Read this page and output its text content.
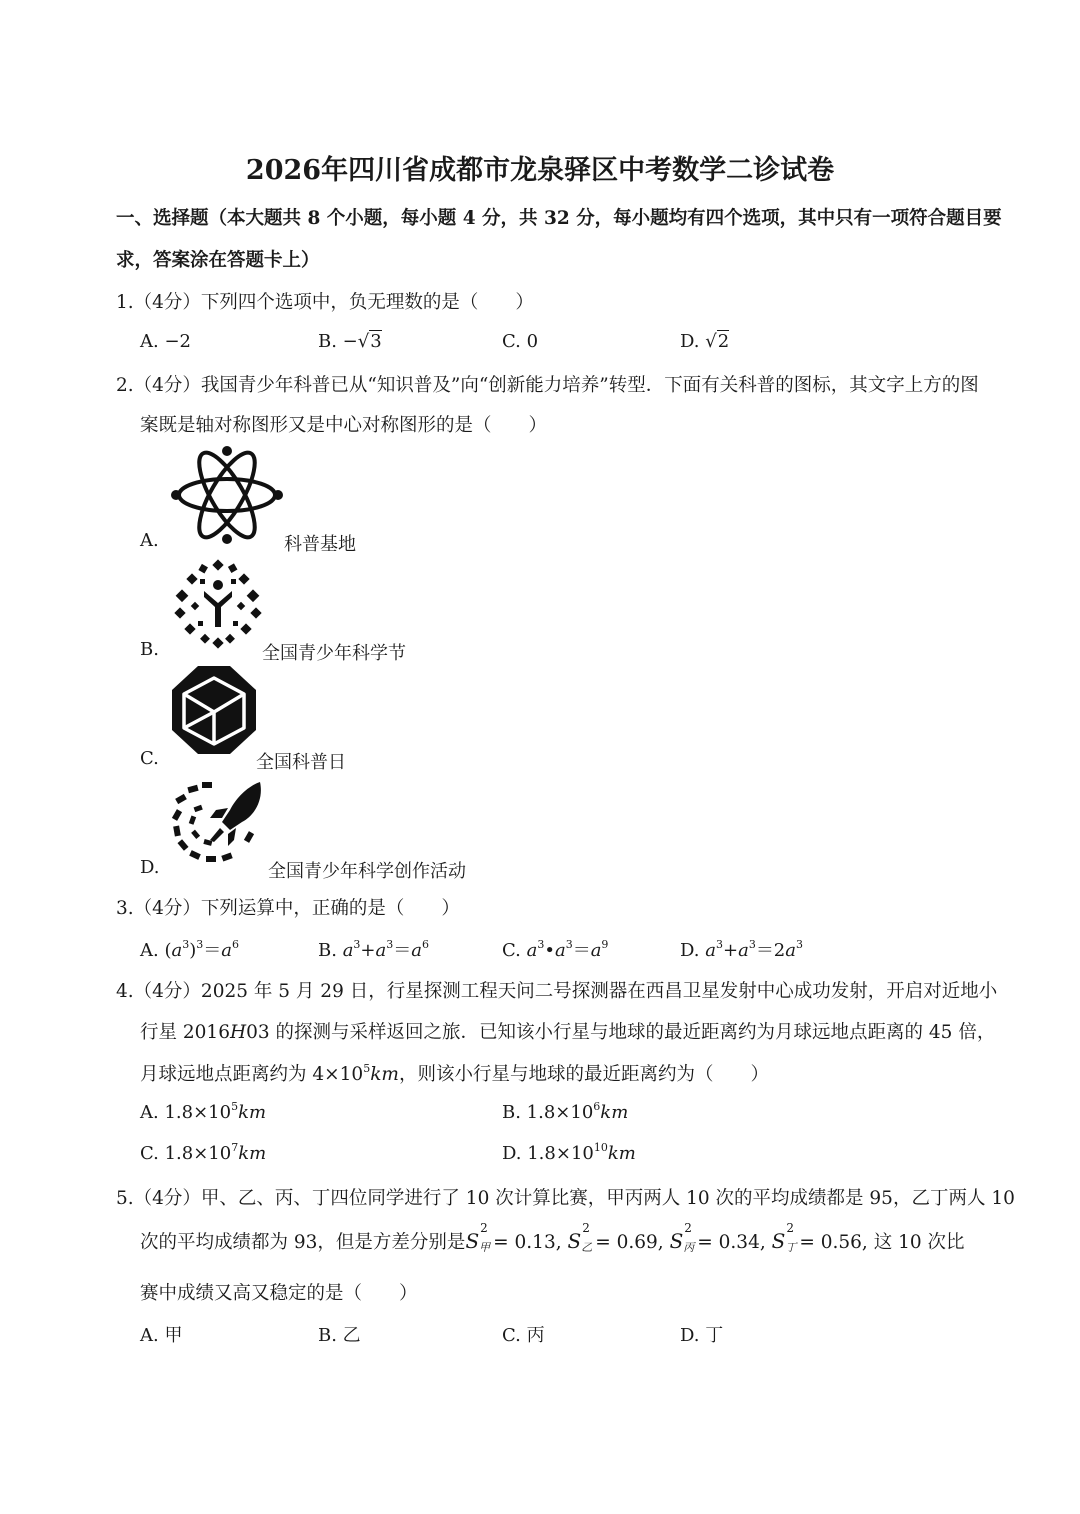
2026年四川省成都市龙泉驿区中考数学二诊试卷
一、选择题（本大题共 8 个小题，每小题 4 分，共 32 分，每小题均有四个选项，其中只有一项符合题目要
求，答案涂在答题卡上）
1.（4分）下列四个选项中，负无理数的是（　　）
A. −2	B. −√3	C. 0	D. √2
2.（4分）我国青少年科普已从“知识普及”向“创新能力培养”转型．下面有关科普的图标，其文字上方的图
案既是轴对称图形又是中心对称图形的是（　　）
A.	科普基地
B.	全国青少年科学节
C.	全国科普日
D.	全国青少年科学创作活动
3.（4分）下列运算中，正确的是（　　）
A. $(a^3)^3=a^6$	B. $a^3+a^3=a^6$	C. $a^3•a^3=a^9$	D. $a^3+a^3=2a^3$
4.（4分）2025 年 5 月 29 日，行星探测工程天问二号探测器在西昌卫星发射中心成功发射，开启对近地小
行星 2016H03 的探测与采样返回之旅．已知该小行星与地球的最近距离约为月球远地点距离的 45 倍，
月球远地点距离约为 $4\times 10^5km$，则该小行星与地球的最近距离约为（　　）
A. $1.8\times 10^5km$	B. $1.8\times 10^6km$
C. $1.8\times 10^7km$	D. $1.8\times 10^{10}km$
5.（4分）甲、乙、丙、丁四位同学进行了 10 次计算比赛，甲丙两人 10 次的平均成绩都是 95，乙丁两人 10
次的平均成绩都为 93，但是方差分别是S
2
甲 = 0.13, S
2
乙 = 0.69, S
2
丙 = 0.34, S
2
丁 = 0.56, 这 10 次比
赛中成绩又高又稳定的是（　　）
A. 甲	B. 乙	C. 丙	D. 丁
